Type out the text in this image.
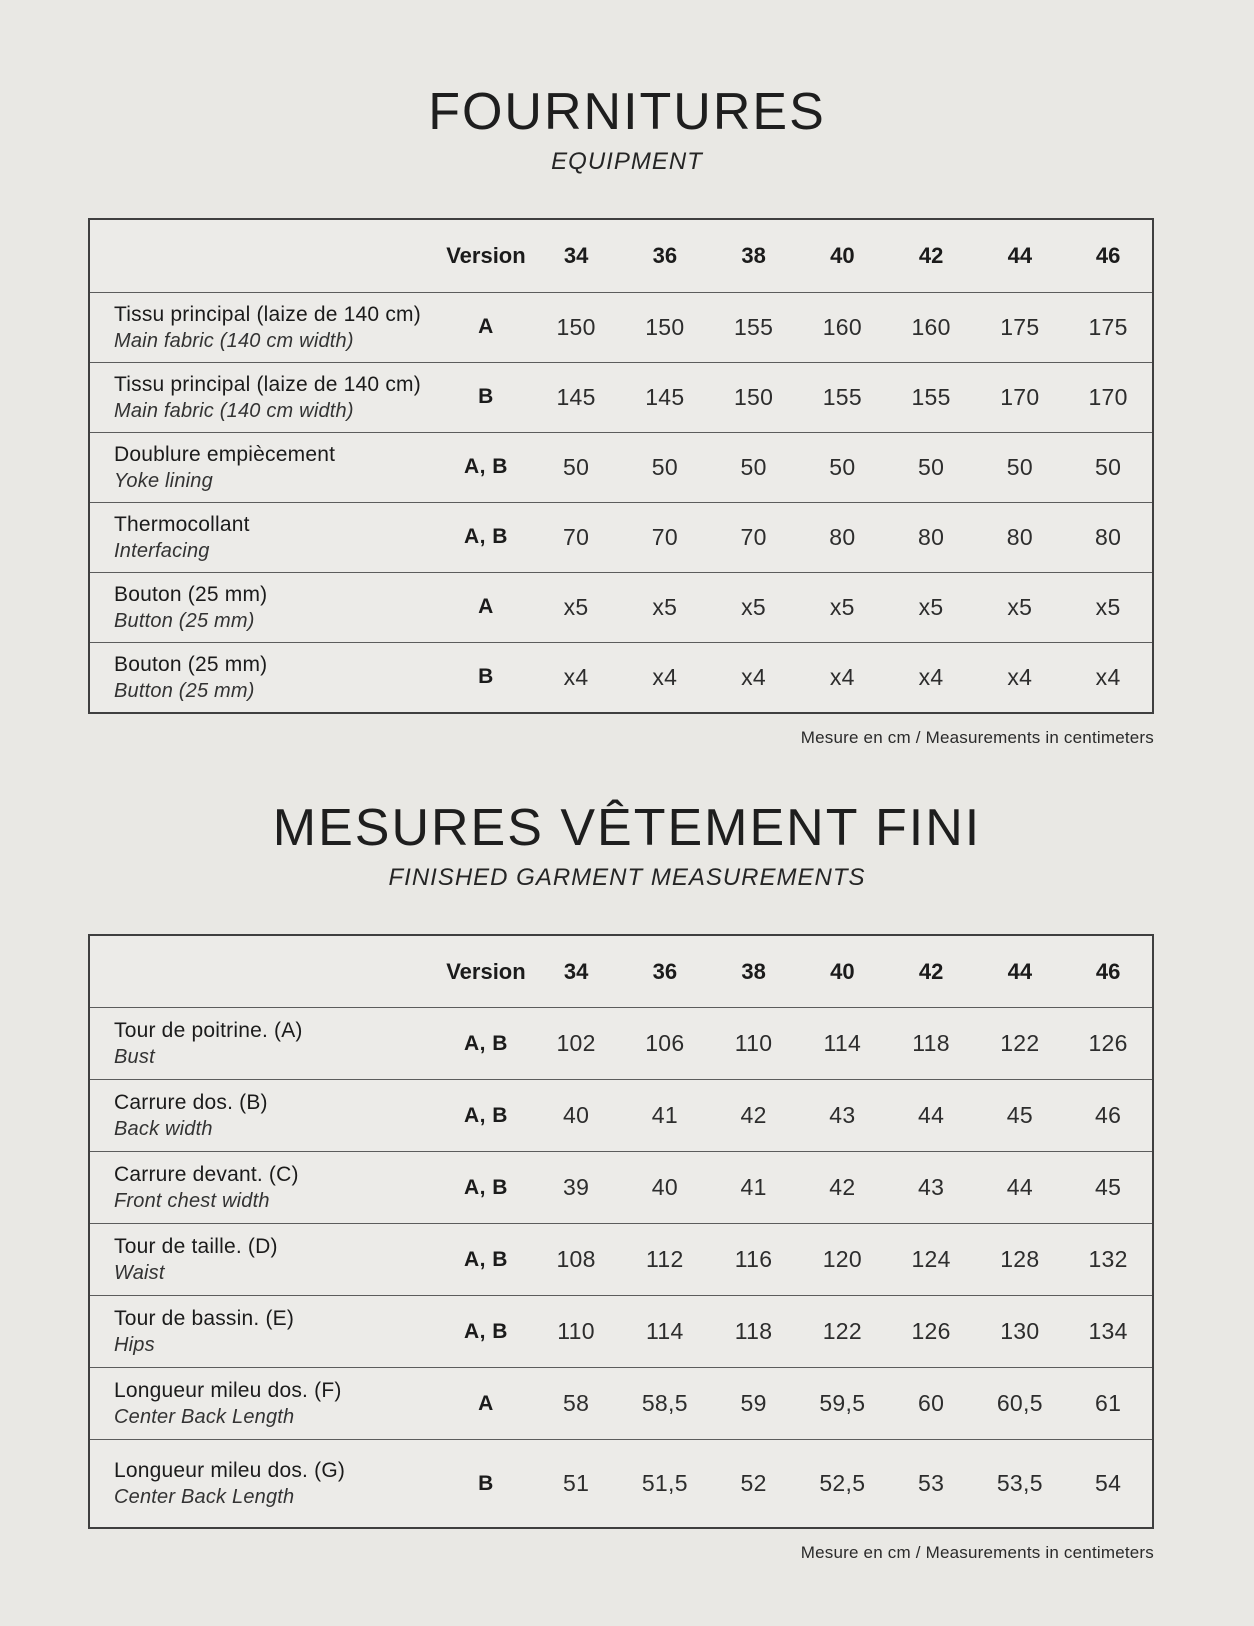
FOURNITURES
EQUIPMENT
	Version	34	36	38	40	42	44	46

Tissu principal (laize de 140 cm)
Main fabric (140 cm width)	A	150	150	155	160	160	175	175

Tissu principal (laize de 140 cm)
Main fabric (140 cm width)	B	145	145	150	155	155	170	170

Doublure empiècement
Yoke lining	A, B	50	50	50	50	50	50	50

Thermocollant
Interfacing	A, B	70	70	70	80	80	80	80

Bouton (25 mm)
Button (25 mm)	A	x5	x5	x5	x5	x5	x5	x5

Bouton (25 mm)
Button (25 mm)	B	x4	x4	x4	x4	x4	x4	x4
Mesure en cm / Measurements in centimeters
MESURES VÊTEMENT FINI
FINISHED GARMENT MEASUREMENTS
	Version	34	36	38	40	42	44	46

Tour de poitrine. (A)
Bust	A, B	102	106	110	114	118	122	126

Carrure dos. (B)
Back width	A, B	40	41	42	43	44	45	46

Carrure devant. (C)
Front chest width	A, B	39	40	41	42	43	44	45

Tour de taille. (D)
Waist	A, B	108	112	116	120	124	128	132

Tour de bassin. (E)
Hips	A, B	110	114	118	122	126	130	134

Longueur mileu dos. (F)
Center Back Length	A	58	58,5	59	59,5	60	60,5	61

Longueur mileu dos. (G)
Center Back Length	B	51	51,5	52	52,5	53	53,5	54
Mesure en cm / Measurements in centimeters
